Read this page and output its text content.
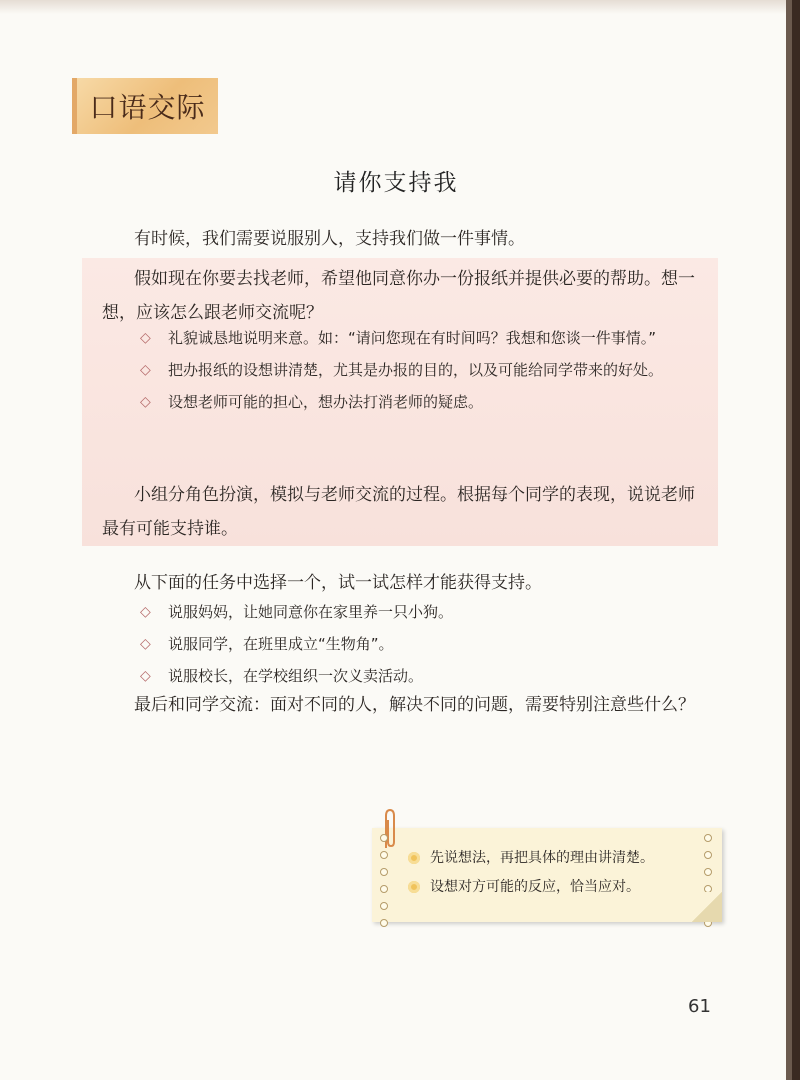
口语交际
请你支持我

有时候，我们需要说服别人，支持我们做一件事情。

假如现在你要去找老师，希望他同意你办一份报纸并提供必要的帮助。想一想，应该怎么跟老师交流呢？

◇ 礼貌诚恳地说明来意。如：“请问您现在有时间吗？我想和您谈一件事情。”
◇ 把办报纸的设想讲清楚，尤其是办报的目的，以及可能给同学带来的好处。
◇ 设想老师可能的担心，想办法打消老师的疑虑。

小组分角色扮演，模拟与老师交流的过程。根据每个同学的表现，说说老师最有可能支持谁。

从下面的任务中选择一个，试一试怎样才能获得支持。

◇ 说服妈妈，让她同意你在家里养一只小狗。
◇ 说服同学，在班里成立“生物角”。
◇ 说服校长，在学校组织一次义卖活动。

最后和同学交流：面对不同的人，解决不同的问题，需要特别注意些什么？

先说想法，再把具体的理由讲清楚。
设想对方可能的反应，恰当应对。
61
